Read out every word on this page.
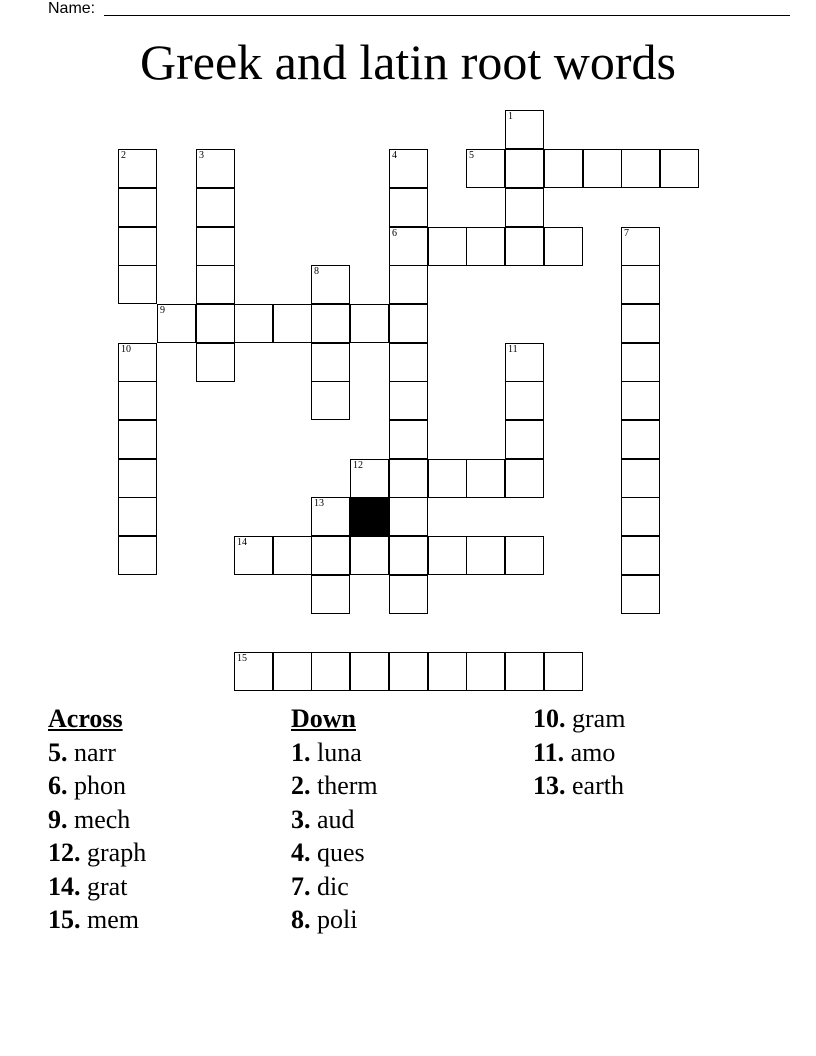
Name:
Greek and latin root words
1
2	3	4	5
6	7
8
9
10	11
12
13
14
15
Across
5. narr
6. phon
9. mech
12. graph
14. grat
15. mem
Down
1. luna
2. therm
3. aud
4. ques
7. dic
8. poli
10. gram
11. amo
13. earth
